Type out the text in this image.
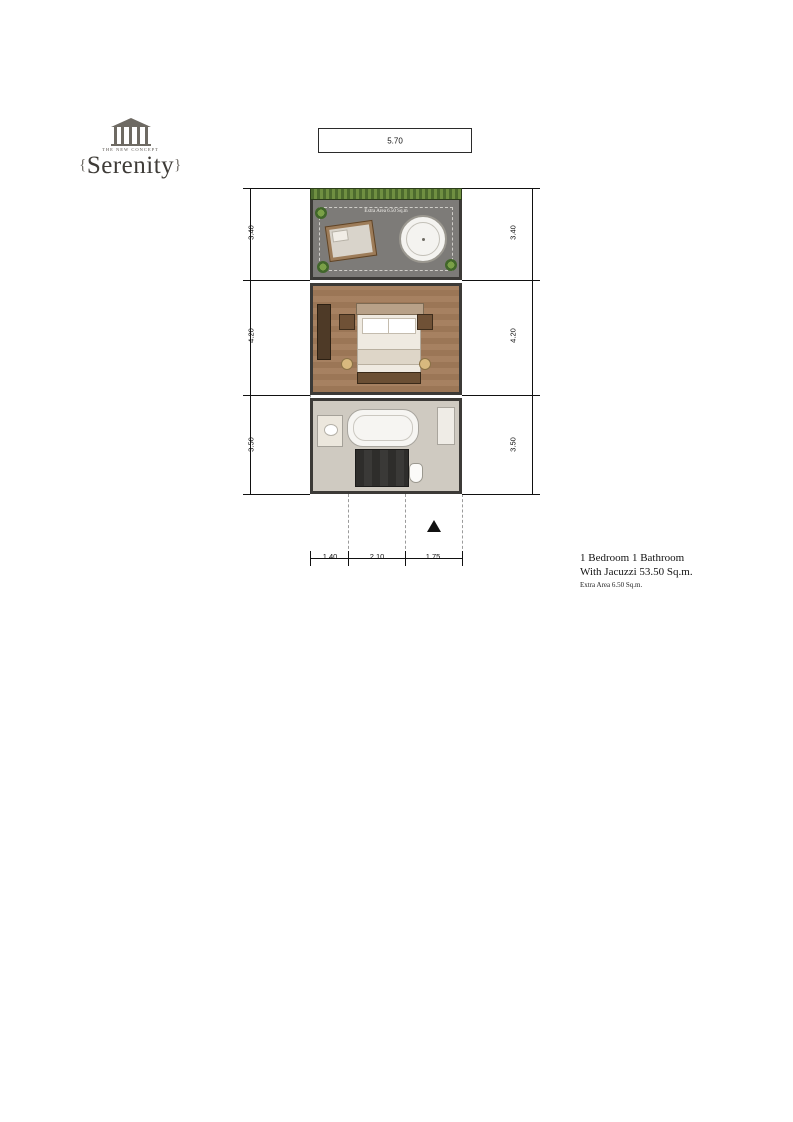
THE NEW CONCEPT
{Serenity}
5.70
Extra Area 6.50 Sq.m
3.40
4.20
3.50
3.40
4.20
3.50
1.40	2.10	1.75	1 Bedroom 1 Bathroom
With Jacuzzi 53.50 Sq.m.
Extra Area 6.50 Sq.m.
